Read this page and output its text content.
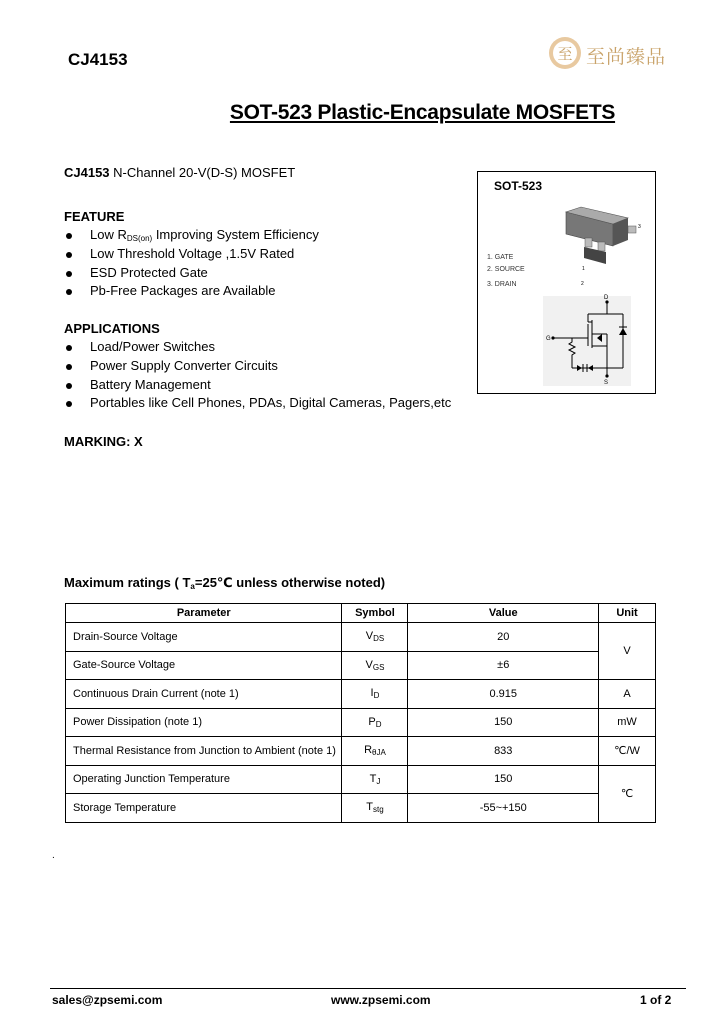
CJ4153	至 至尚臻品
SOT-523 Plastic-Encapsulate MOSFETS
CJ4153 N-Channel 20-V(D-S) MOSFET
FEATURE
Low $R_{DS(on)}$ Improving System Efficiency
Low Threshold Voltage ,1.5V Rated
ESD Protected Gate
Pb-Free Packages are Available
APPLICATIONS
Load/Power Switches
Power Supply Converter Circuits
Battery Management
Portables like Cell Phones, PDAs, Digital Cameras, Pagers,etc
SOT-523
3
1
2
1. GATE
2. SOURCE
3. DRAIN
D
G
S
MARKING: X
Maximum ratings ( $T_a=25℃$ unless otherwise noted)
Parameter	Symbol	Value	Unit
Drain-Source Voltage	$V_{DS}$	20	V
Gate-Source Voltage	$V_{GS}$	±6	
Continuous Drain Current (note 1)	$I_D$	0.915	A
Power Dissipation (note 1)	$P_D$	150	mW
Thermal Resistance from Junction to Ambient (note 1)	$R_{\theta JA}$	833	℃/W
Operating Junction Temperature	$T_J$	150	℃
Storage Temperature	$T_{stg}$	-55~+150	
.
sales@zpsemi.com	www.zpsemi.com	1 of 2
